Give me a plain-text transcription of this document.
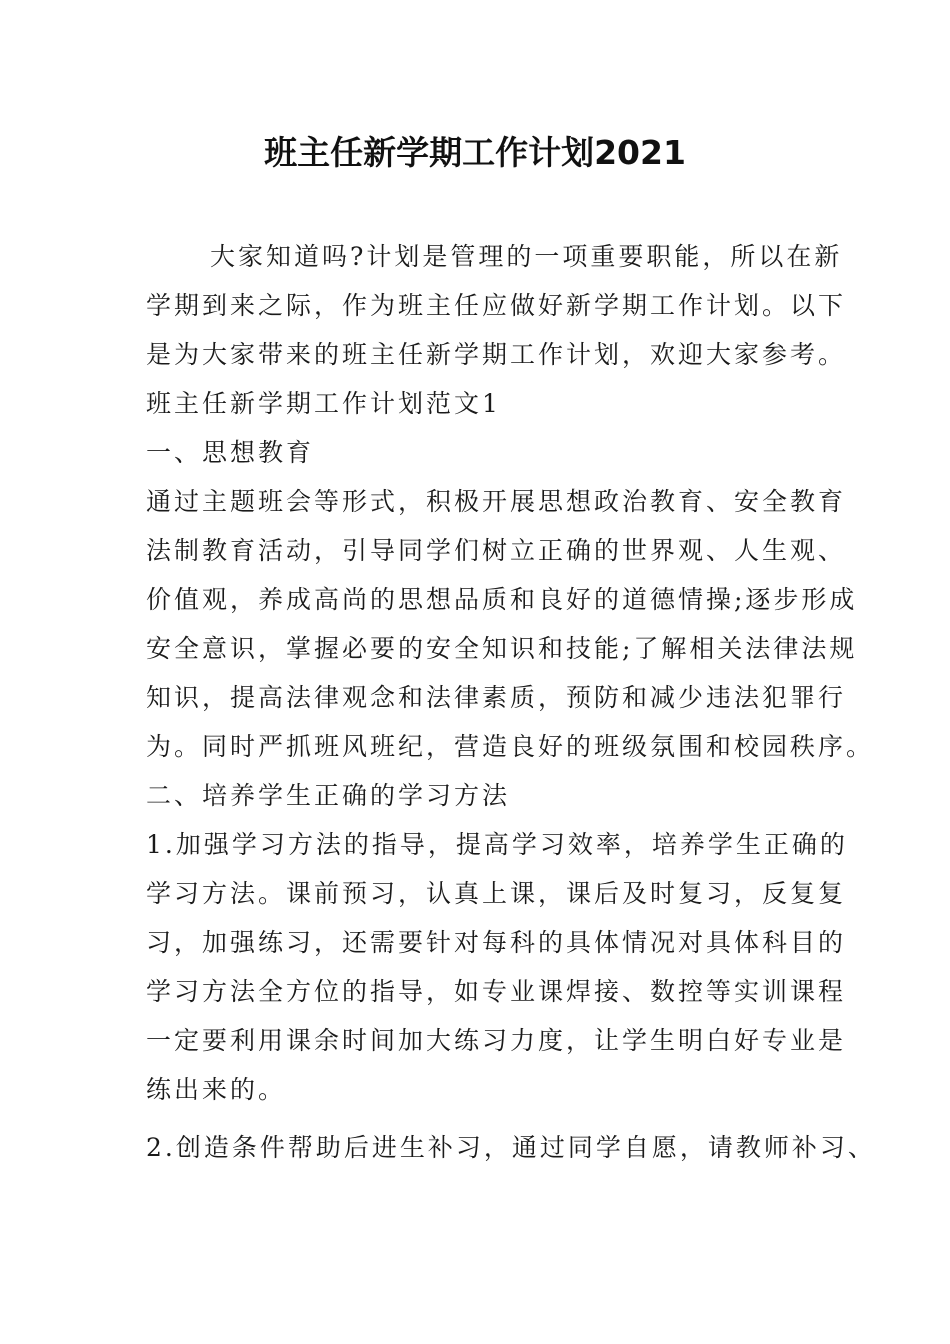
班主任新学期工作计划2021
大家知道吗?计划是管理的一项重要职能，所以在新
学期到来之际，作为班主任应做好新学期工作计划。以下
是为大家带来的班主任新学期工作计划，欢迎大家参考。
班主任新学期工作计划范文1
一、思想教育
通过主题班会等形式，积极开展思想政治教育、安全教育
法制教育活动，引导同学们树立正确的世界观、人生观、
价值观，养成高尚的思想品质和良好的道德情操;逐步形成
安全意识，掌握必要的安全知识和技能;了解相关法律法规
知识，提高法律观念和法律素质，预防和减少违法犯罪行
为。同时严抓班风班纪，营造良好的班级氛围和校园秩序。
二、培养学生正确的学习方法
1.加强学习方法的指导，提高学习效率，培养学生正确的
学习方法。课前预习，认真上课，课后及时复习，反复复
习，加强练习，还需要针对每科的具体情况对具体科目的
学习方法全方位的指导，如专业课焊接、数控等实训课程
一定要利用课余时间加大练习力度，让学生明白好专业是
练出来的。
2.创造条件帮助后进生补习，通过同学自愿，请教师补习、
